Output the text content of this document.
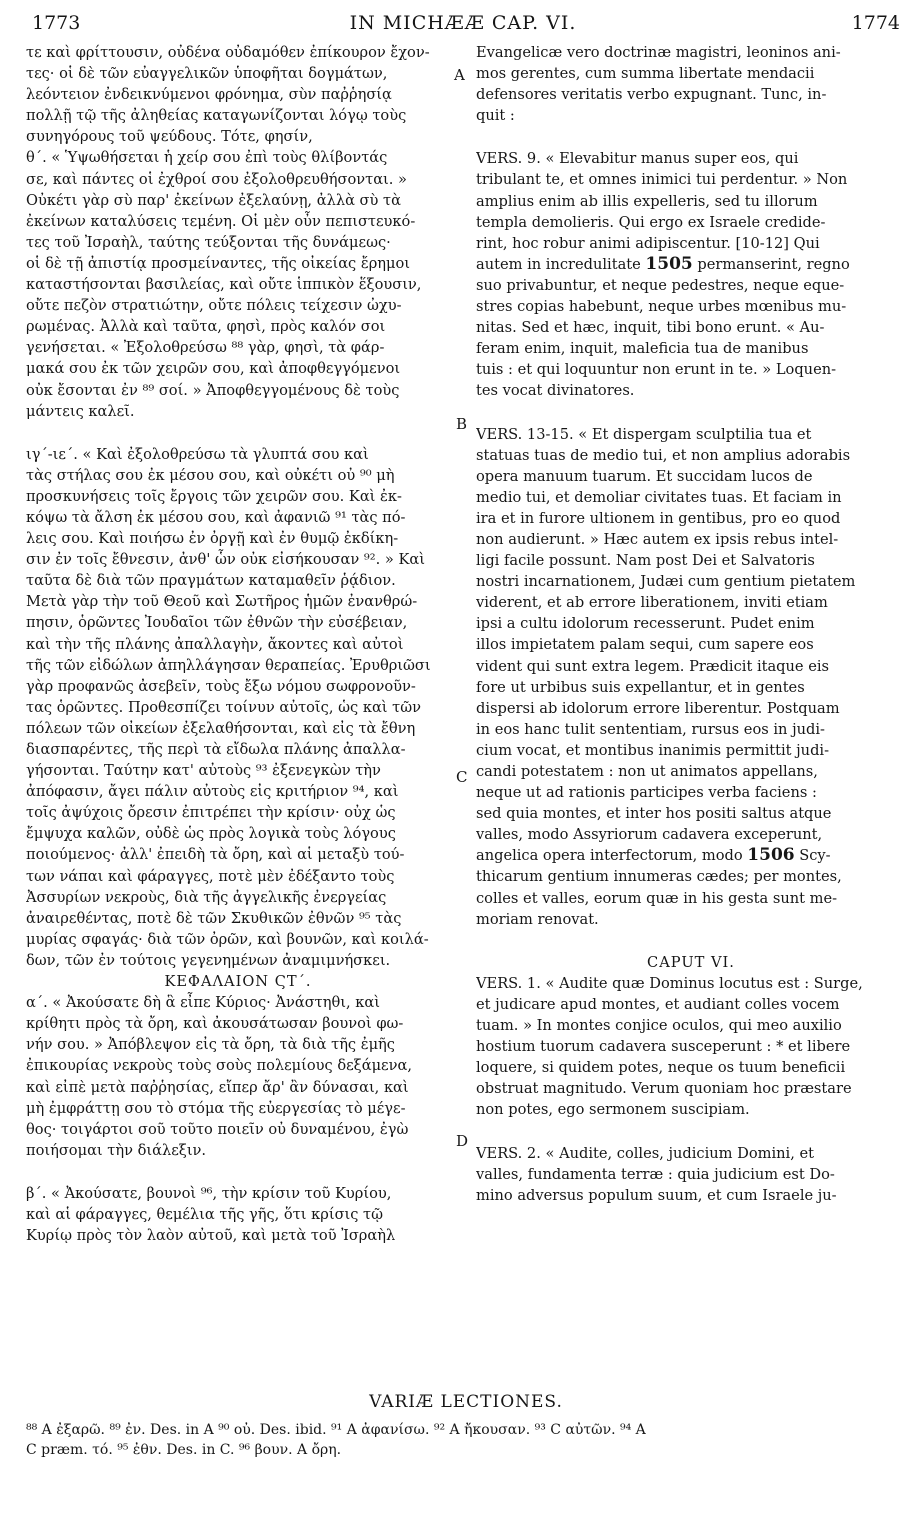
1773	IN MICHÆÆ CAP. VI.	1774
A
B
C
D
τε καὶ φρίττουσιν, οὐδένα οὐδαμόθεν ἐπίκουρον ἔχον-
τες· οἱ δὲ τῶν εὐαγγελικῶν ὑποφῆται δογμάτων,
λεόντειον ἐνδεικνύμενοι φρόνημα, σὺν παῤῥησίᾳ
πολλῇ τῷ τῆς ἀληθείας καταγωνίζονται λόγῳ τοὺς
συνηγόρους τοῦ ψεύδους. Τότε, φησίν,
θ΄. « Ὑψωθήσεται ἡ χείρ σου ἐπὶ τοὺς θλίβοντάς
σε, καὶ πάντες οἱ ἐχθροί σου ἐξολοθρευθήσονται. »
Οὐκέτι γὰρ σὺ παρ' ἐκείνων ἐξελαύνῃ, ἀλλὰ σὺ τὰ
ἐκείνων καταλύσεις τεμένη. Οἱ μὲν οὖν πεπιστευκό-
τες τοῦ Ἰσραὴλ, ταύτης τεύξονται τῆς δυνάμεως·
οἱ δὲ τῇ ἀπιστίᾳ προσμείναντες, τῆς οἰκείας ἔρημοι
καταστήσονται βασιλείας, καὶ οὔτε ἱππικὸν ἕξουσιν,
οὔτε πεζὸν στρατιώτην, οὔτε πόλεις τείχεσιν ὠχυ-
ρωμένας. Ἀλλὰ καὶ ταῦτα, φησὶ, πρὸς καλόν σοι
γενήσεται. « Ἐξολοθρεύσω ⁸⁸ γὰρ, φησὶ, τὰ φάρ-
μακά σου ἐκ τῶν χειρῶν σου, καὶ ἀποφθεγγόμενοι
οὐκ ἔσονται ἐν ⁸⁹ σοί. » Ἀποφθεγγομένους δὲ τοὺς
μάντεις καλεῖ.
ιγ΄-ιε΄. « Καὶ ἐξολοθρεύσω τὰ γλυπτά σου καὶ
τὰς στήλας σου ἐκ μέσου σου, καὶ οὐκέτι οὐ ⁹⁰ μὴ
προσκυνήσεις τοῖς ἔργοις τῶν χειρῶν σου. Καὶ ἐκ-
κόψω τὰ ἄλση ἐκ μέσου σου, καὶ ἀφανιῶ ⁹¹ τὰς πό-
λεις σου. Καὶ ποιήσω ἐν ὀργῇ καὶ ἐν θυμῷ ἐκδίκη-
σιν ἐν τοῖς ἔθνεσιν, ἀνθ' ὧν οὐκ εἰσήκουσαν ⁹². » Καὶ
ταῦτα δὲ διὰ τῶν πραγμάτων καταμαθεῖν ῥᾴδιον.
Μετὰ γὰρ τὴν τοῦ Θεοῦ καὶ Σωτῆρος ἡμῶν ἐνανθρώ-
πησιν, ὁρῶντες Ἰουδαῖοι τῶν ἐθνῶν τὴν εὐσέβειαν,
καὶ τὴν τῆς πλάνης ἀπαλλαγὴν, ἄκοντες καὶ αὐτοὶ
τῆς τῶν εἰδώλων ἀπηλλάγησαν θεραπείας. Ἐρυθριῶσι
γὰρ προφανῶς ἀσεβεῖν, τοὺς ἔξω νόμου σωφρονοῦν-
τας ὁρῶντες. Προθεσπίζει τοίνυν αὐτοῖς, ὡς καὶ τῶν
πόλεων τῶν οἰκείων ἐξελαθήσονται, καὶ εἰς τὰ ἔθνη
διασπαρέντες, τῆς περὶ τὰ εἴδωλα πλάνης ἀπαλλα-
γήσονται. Ταύτην κατ' αὐτοὺς ⁹³ ἐξενεγκὼν τὴν
ἀπόφασιν, ἄγει πάλιν αὐτοὺς εἰς κριτήριον ⁹⁴, καὶ
τοῖς ἀψύχοις ὄρεσιν ἐπιτρέπει τὴν κρίσιν· οὐχ ὡς
ἔμψυχα καλῶν, οὐδὲ ὡς πρὸς λογικὰ τοὺς λόγους
ποιούμενος· ἀλλ' ἐπειδὴ τὰ ὄρη, καὶ αἱ μεταξὺ τού-
των νάπαι καὶ φάραγγες, ποτὲ μὲν ἐδέξαντο τοὺς
Ἀσσυρίων νεκροὺς, διὰ τῆς ἀγγελικῆς ἐνεργείας
ἀναιρεθέντας, ποτὲ δὲ τῶν Σκυθικῶν ἐθνῶν ⁹⁵ τὰς
μυρίας σφαγάς· διὰ τῶν ὀρῶν, καὶ βουνῶν, καὶ κοιλά-
δων, τῶν ἐν τούτοις γεγενημένων ἀναμιμνήσκει.
ΚΕΦΑΛΑΙΟΝ ϚΤ΄.
α΄. « Ἀκούσατε δὴ ἃ εἶπε Κύριος· Ἀνάστηθι, καὶ
κρίθητι πρὸς τὰ ὄρη, καὶ ἀκουσάτωσαν βουνοὶ φω-
νήν σου. » Ἀπόβλεψον εἰς τὰ ὄρη, τὰ διὰ τῆς ἐμῆς
ἐπικουρίας νεκροὺς τοὺς σοὺς πολεμίους δεξάμενα,
καὶ εἰπὲ μετὰ παῤῥησίας, εἴπερ ἄρ' ἂν δύνασαι, καὶ
μὴ ἐμφράττῃ σου τὸ στόμα τῆς εὐεργεσίας τὸ μέγε-
θος· τοιγάρτοι σοῦ τοῦτο ποιεῖν οὐ δυναμένου, ἐγὼ
ποιήσομαι τὴν διάλεξιν.
β΄. « Ἀκούσατε, βουνοὶ ⁹⁶, τὴν κρίσιν τοῦ Κυρίου,
καὶ αἱ φάραγγες, θεμέλια τῆς γῆς, ὅτι κρίσις τῷ
Κυρίῳ πρὸς τὸν λαὸν αὐτοῦ, καὶ μετὰ τοῦ Ἰσραὴλ
Evangelicæ vero doctrinæ magistri, leoninos ani-
mos gerentes, cum summa libertate mendacii
defensores veritatis verbo expugnant. Tunc, in-
quit :
VERS. 9. « Elevabitur manus super eos, qui
tribulant te, et omnes inimici tui perdentur. » Non
amplius enim ab illis expelleris, sed tu illorum
templa demolieris. Qui ergo ex Israele credide-
rint, hoc robur animi adipiscentur. [10-12] Qui
autem in incredulitate 1505 permanserint, regno
suo privabuntur, et neque pedestres, neque eque-
stres copias habebunt, neque urbes mœnibus mu-
nitas. Sed et hæc, inquit, tibi bono erunt. « Au-
feram enim, inquit, maleficia tua de manibus
tuis : et qui loquuntur non erunt in te. » Loquen-
tes vocat divinatores.
VERS. 13-15. « Et dispergam sculptilia tua et
statuas tuas de medio tui, et non amplius adorabis
opera manuum tuarum. Et succidam lucos de
medio tui, et demoliar civitates tuas. Et faciam in
ira et in furore ultionem in gentibus, pro eo quod
non audierunt. » Hæc autem ex ipsis rebus intel-
ligi facile possunt. Nam post Dei et Salvatoris
nostri incarnationem, Judæi cum gentium pietatem
viderent, et ab errore liberationem, inviti etiam
ipsi a cultu idolorum recesserunt. Pudet enim
illos impietatem palam sequi, cum sapere eos
vident qui sunt extra legem. Prædicit itaque eis
fore ut urbibus suis expellantur, et in gentes
dispersi ab idolorum errore liberentur. Postquam
in eos hanc tulit sententiam, rursus eos in judi-
cium vocat, et montibus inanimis permittit judi-
candi potestatem : non ut animatos appellans,
neque ut ad rationis participes verba faciens :
sed quia montes, et inter hos positi saltus atque
valles, modo Assyriorum cadavera exceperunt,
angelica opera interfectorum, modo 1506 Scy-
thicarum gentium innumeras cædes; per montes,
colles et valles, eorum quæ in his gesta sunt me-
moriam renovat.
CAPUT VI.
VERS. 1. « Audite quæ Dominus locutus est : Surge,
et judicare apud montes, et audiant colles vocem
tuam. » In montes conjice oculos, qui meo auxilio
hostium tuorum cadavera susceperunt : * et libere
loquere, si quidem potes, neque os tuum beneficii
obstruat magnitudo. Verum quoniam hoc præstare
non potes, ego sermonem suscipiam.
VERS. 2. « Audite, colles, judicium Domini, et
valles, fundamenta terræ : quia judicium est Do-
mino adversus populum suum, et cum Israele ju-
VARIÆ LECTIONES.
⁸⁸ A ἐξαρῶ. ⁸⁹ ἐν. Des. in A ⁹⁰ οὐ. Des. ibid. ⁹¹ A ἀφανίσω. ⁹² A ἤκουσαν. ⁹³ C αὐτῶν. ⁹⁴ A
C præm. τό. ⁹⁵ ἐθν. Des. in C. ⁹⁶ βουν. A ὄρη.
